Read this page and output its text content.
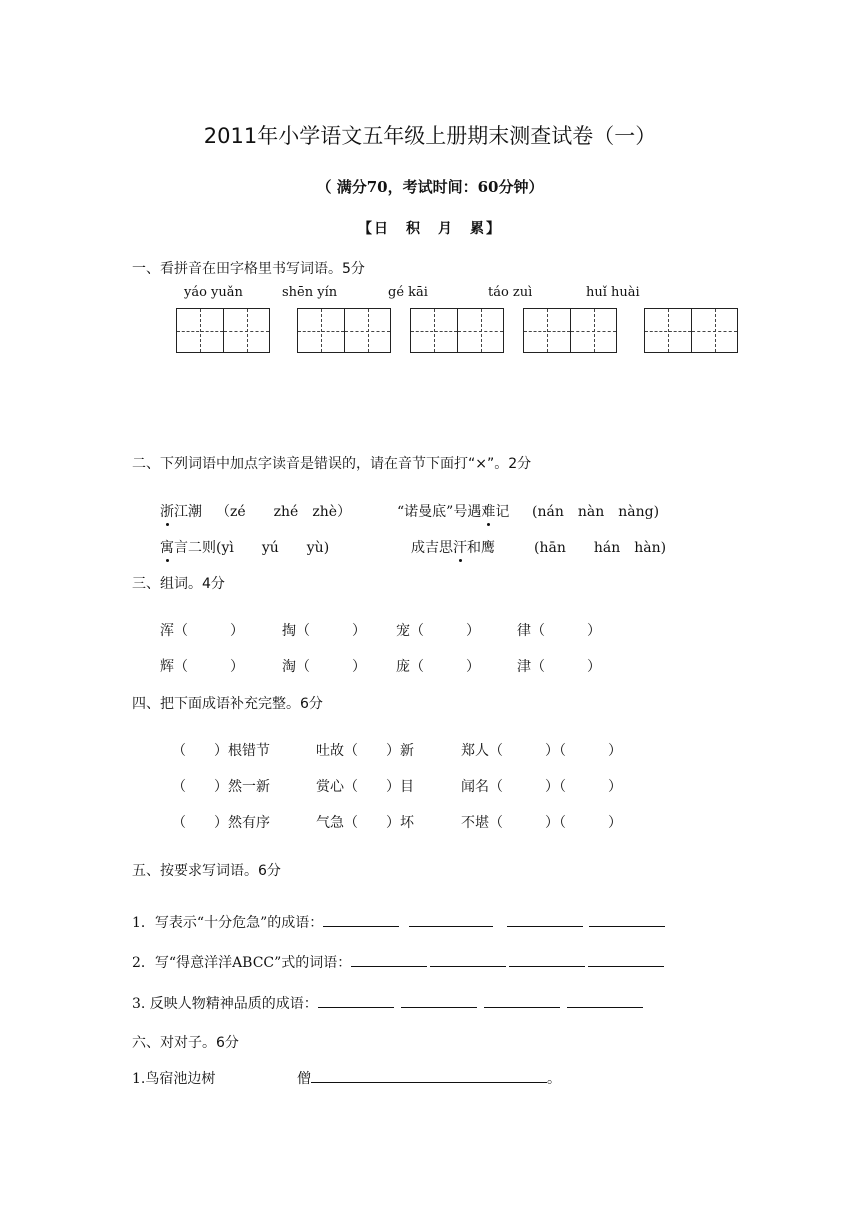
2011年小学语文五年级上册期末测查试卷（一）
（ 满分70，考试时间：60分钟）
【日　积　月　累】
一、看拼音在田字格里书写词语。5分
yáo yuǎn	shēn yín	gé kāi	táo zuì	huǐ huài
二、下列词语中加点字读音是错误的，请在音节下面打“×”。2分
浙江潮 （zé　　zhé　zhè）	“诺曼底”号遇难记 (nán　nàn　nàng)
寓言二则 (yì　　yú　　yù)	成吉思汗和鹰	(hān　　hán　hàn)
三、组词。4分
浑（　　　）	掏（　　　） 宠（　　　）	律（　　　）
辉（　　　）	淘（　　　） 庞（　　　）	津（　　　）
四、把下面成语补充完整。6分
（　　）根错节	吐故（　　）新	郑人（　　　）（　　　）
（　　）然一新	赏心（　　）目	闻名（　　　）（　　　）
（　　）然有序	气急（　　）坏	不堪（　　　）（　　　）
五、按要求写词语。6分
1．写表示“十分危急”的成语：
2．写“得意洋洋ABCC”式的词语：
3. 反映人物精神品质的成语：
六、对对子。6分
1.鸟宿池边树	僧	。
